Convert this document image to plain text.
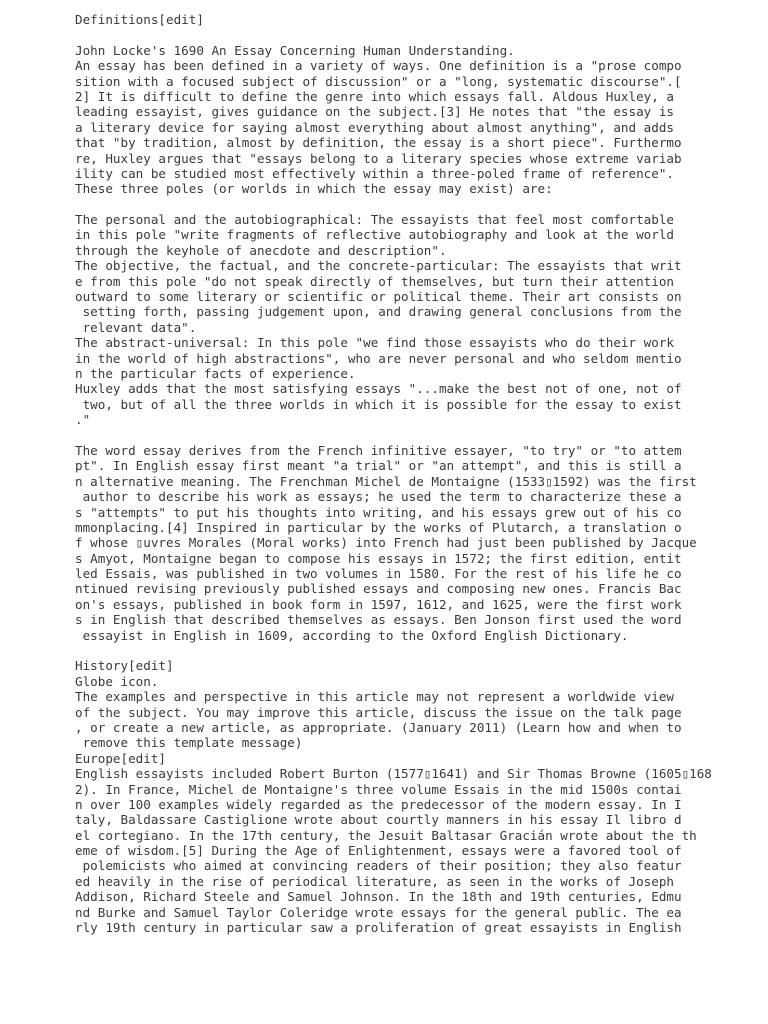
Definitions[edit]
John Locke's 1690 An Essay Concerning Human Understanding.
An essay has been defined in a variety of ways. One definition is a "prose compo
sition with a focused subject of discussion" or a "long, systematic discourse".[
2] It is difficult to define the genre into which essays fall. Aldous Huxley, a
leading essayist, gives guidance on the subject.[3] He notes that "the essay is
a literary device for saying almost everything about almost anything", and adds
that "by tradition, almost by definition, the essay is a short piece". Furthermo
re, Huxley argues that "essays belong to a literary species whose extreme variab
ility can be studied most effectively within a three-poled frame of reference".
These three poles (or worlds in which the essay may exist) are:
The personal and the autobiographical: The essayists that feel most comfortable
in this pole "write fragments of reflective autobiography and look at the world
through the keyhole of anecdote and description".
The objective, the factual, and the concrete-particular: The essayists that writ
e from this pole "do not speak directly of themselves, but turn their attention
outward to some literary or scientific or political theme. Their art consists on
setting forth, passing judgement upon, and drawing general conclusions from the
relevant data".
The abstract-universal: In this pole "we find those essayists who do their work
in the world of high abstractions", who are never personal and who seldom mentio
n the particular facts of experience.
Huxley adds that the most satisfying essays "...make the best not of one, not of
two, but of all the three worlds in which it is possible for the essay to exist
."
The word essay derives from the French infinitive essayer, "to try" or "to attem
pt". In English essay first meant "a trial" or "an attempt", and this is still a
n alternative meaning. The Frenchman Michel de Montaigne (1533▯1592) was the first
author to describe his work as essays; he used the term to characterize these a
s "attempts" to put his thoughts into writing, and his essays grew out of his co
mmonplacing.[4] Inspired in particular by the works of Plutarch, a translation o
f whose ▯uvres Morales (Moral works) into French had just been published by Jacque
s Amyot, Montaigne began to compose his essays in 1572; the first edition, entit
led Essais, was published in two volumes in 1580. For the rest of his life he co
ntinued revising previously published essays and composing new ones. Francis Bac
on's essays, published in book form in 1597, 1612, and 1625, were the first work
s in English that described themselves as essays. Ben Jonson first used the word
essayist in English in 1609, according to the Oxford English Dictionary.
History[edit]
Globe icon.
The examples and perspective in this article may not represent a worldwide view
of the subject. You may improve this article, discuss the issue on the talk page
, or create a new article, as appropriate. (January 2011) (Learn how and when to
remove this template message)
Europe[edit]
English essayists included Robert Burton (1577▯1641) and Sir Thomas Browne (1605▯168
2). In France, Michel de Montaigne's three volume Essais in the mid 1500s contai
n over 100 examples widely regarded as the predecessor of the modern essay. In I
taly, Baldassare Castiglione wrote about courtly manners in his essay Il libro d
el cortegiano. In the 17th century, the Jesuit Baltasar Gracián wrote about the th
eme of wisdom.[5] During the Age of Enlightenment, essays were a favored tool of
polemicists who aimed at convincing readers of their position; they also featur
ed heavily in the rise of periodical literature, as seen in the works of Joseph
Addison, Richard Steele and Samuel Johnson. In the 18th and 19th centuries, Edmu
nd Burke and Samuel Taylor Coleridge wrote essays for the general public. The ea
rly 19th century in particular saw a proliferation of great essayists in English
